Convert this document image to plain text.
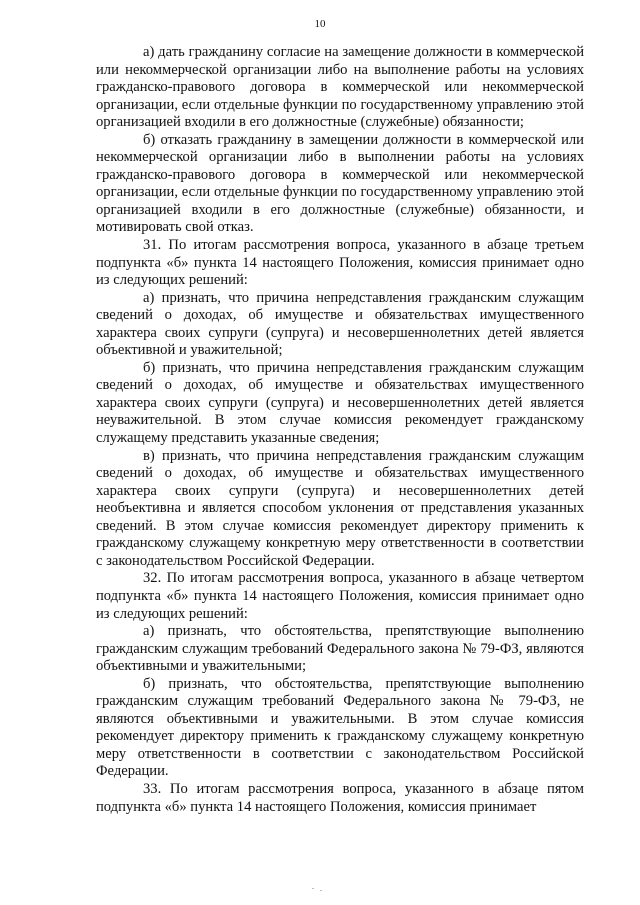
10

а) дать гражданину согласие на замещение должности в коммерческой или некоммерческой организации либо на выполнение работы на условиях гражданско-правового договора в коммерческой или некоммерческой организации, если отдельные функции по государственному управлению этой организацией входили в его должностные (служебные) обязанности;

б) отказать гражданину в замещении должности в коммерческой или некоммерческой организации либо в выполнении работы на условиях гражданско-правового договора в коммерческой или некоммерческой организации, если отдельные функции по государственному управлению этой организацией входили в его должностные (служебные) обязанности, и мотивировать свой отказ.

31. По итогам рассмотрения вопроса, указанного в абзаце третьем подпункта «б» пункта 14 настоящего Положения, комиссия принимает одно из следующих решений:

а) признать, что причина непредставления гражданским служащим сведений о доходах, об имуществе и обязательствах имущественного характера своих супруги (супруга) и несовершеннолетних детей является объективной и уважительной;

б) признать, что причина непредставления гражданским служащим сведений о доходах, об имуществе и обязательствах имущественного характера своих супруги (супруга) и несовершеннолетних детей является неуважительной. В этом случае комиссия рекомендует гражданскому служащему представить указанные сведения;

в) признать, что причина непредставления гражданским служащим сведений о доходах, об имуществе и обязательствах имущественного характера своих супруги (супруга) и несовершеннолетних детей необъективна и является способом уклонения от представления указанных сведений. В этом случае комиссия рекомендует директору применить к гражданскому служащему конкретную меру ответственности в соответствии с законодательством Российской Федерации.

32. По итогам рассмотрения вопроса, указанного в абзаце четвертом подпункта «б» пункта 14 настоящего Положения, комиссия принимает одно из следующих решений:

а) признать, что обстоятельства, препятствующие выполнению гражданским служащим требований Федерального закона № 79-ФЗ, являются объективными и уважительными;

б) признать, что обстоятельства, препятствующие выполнению гражданским служащим требований Федерального закона № 79-ФЗ, не являются объективными и уважительными. В этом случае комиссия рекомендует директору применить к гражданскому служащему конкретную меру ответственности в соответствии с законодательством Российской Федерации.

33. По итогам рассмотрения вопроса, указанного в абзаце пятом подпункта «б» пункта 14 настоящего Положения, комиссия принимает
